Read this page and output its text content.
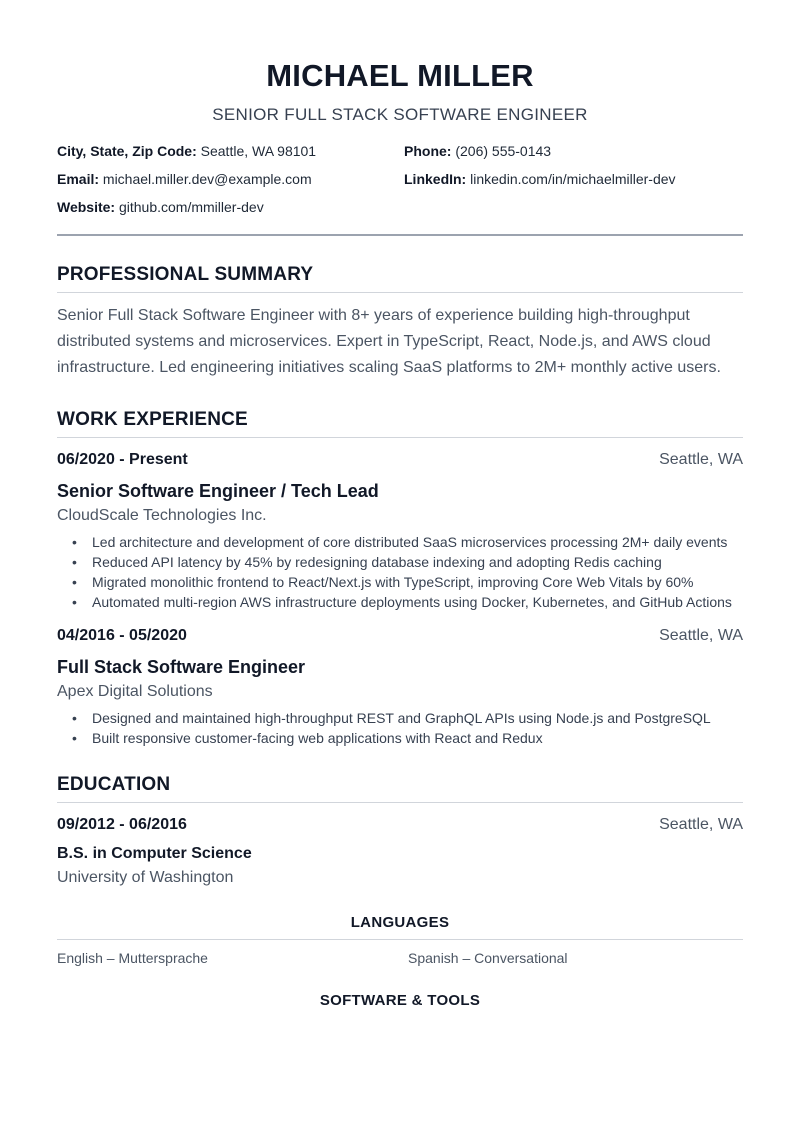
MICHAEL MILLER
SENIOR FULL STACK SOFTWARE ENGINEER
City, State, Zip Code: Seattle, WA 98101	Phone: (206) 555-0143
Email: michael.miller.dev@example.com	LinkedIn: linkedin.com/in/michaelmiller-dev
Website: github.com/mmiller-dev
PROFESSIONAL SUMMARY
Senior Full Stack Software Engineer with 8+ years of experience building high-throughput distributed systems and microservices. Expert in TypeScript, React, Node.js, and AWS cloud infrastructure. Led engineering initiatives scaling SaaS platforms to 2M+ monthly active users.
WORK EXPERIENCE
06/2020 - Present	Seattle, WA
Senior Software Engineer / Tech Lead
CloudScale Technologies Inc.
• Led architecture and development of core distributed SaaS microservices processing 2M+ daily events
• Reduced API latency by 45% by redesigning database indexing and adopting Redis caching
• Migrated monolithic frontend to React/Next.js with TypeScript, improving Core Web Vitals by 60%
• Automated multi-region AWS infrastructure deployments using Docker, Kubernetes, and GitHub Actions
04/2016 - 05/2020	Seattle, WA
Full Stack Software Engineer
Apex Digital Solutions
• Designed and maintained high-throughput REST and GraphQL APIs using Node.js and PostgreSQL
• Built responsive customer-facing web applications with React and Redux
EDUCATION
09/2012 - 06/2016	Seattle, WA
B.S. in Computer Science
University of Washington
LANGUAGES
English – Muttersprache	Spanish – Conversational
SOFTWARE & TOOLS
